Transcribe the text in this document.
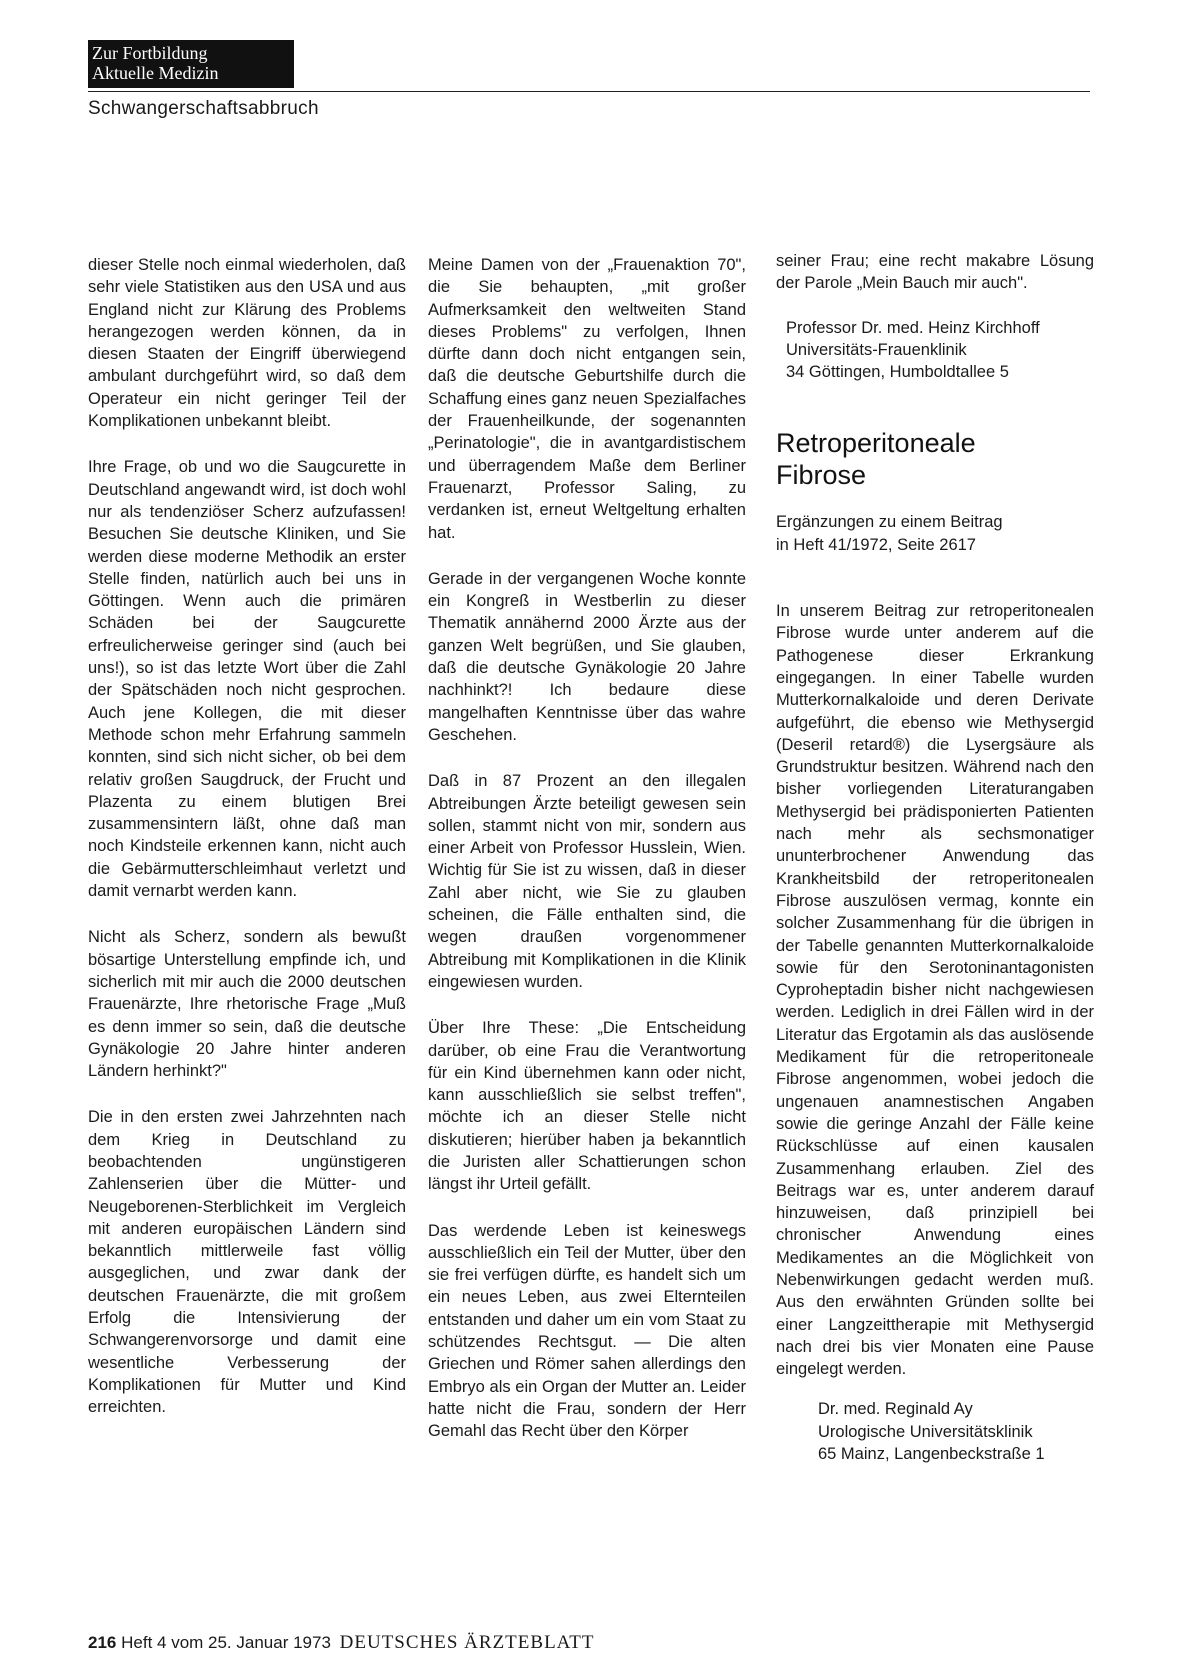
Zur Fortbildung
Aktuelle Medizin
Schwangerschaftsabbruch

dieser Stelle noch einmal wiederholen, daß sehr viele Statistiken aus den USA und aus England nicht zur Klärung des Problems herangezogen werden können, da in diesen Staaten der Eingriff überwiegend ambulant durchgeführt wird, so daß dem Operateur ein nicht geringer Teil der Komplikationen unbekannt bleibt.

Ihre Frage, ob und wo die Saugcurette in Deutschland angewandt wird, ist doch wohl nur als tendenziöser Scherz aufzufassen! Besuchen Sie deutsche Kliniken, und Sie werden diese moderne Methodik an erster Stelle finden, natürlich auch bei uns in Göttingen. Wenn auch die primären Schäden bei der Saugcurette erfreulicherweise geringer sind (auch bei uns!), so ist das letzte Wort über die Zahl der Spätschäden noch nicht gesprochen. Auch jene Kollegen, die mit dieser Methode schon mehr Erfahrung sammeln konnten, sind sich nicht sicher, ob bei dem relativ großen Saugdruck, der Frucht und Plazenta zu einem blutigen Brei zusammensintern läßt, ohne daß man noch Kindsteile erkennen kann, nicht auch die Gebärmutterschleimhaut verletzt und damit vernarbt werden kann.

Nicht als Scherz, sondern als bewußt bösartige Unterstellung empfinde ich, und sicherlich mit mir auch die 2000 deutschen Frauenärzte, Ihre rhetorische Frage „Muß es denn immer so sein, daß die deutsche Gynäkologie 20 Jahre hinter anderen Ländern herhinkt?"

Die in den ersten zwei Jahrzehnten nach dem Krieg in Deutschland zu beobachtenden ungünstigeren Zahlenserien über die Mütter- und Neugeborenen-Sterblichkeit im Vergleich mit anderen europäischen Ländern sind bekanntlich mittlerweile fast völlig ausgeglichen, und zwar dank der deutschen Frauenärzte, die mit großem Erfolg die Intensivierung der Schwangerenvorsorge und damit eine wesentliche Verbesserung der Komplikationen für Mutter und Kind erreichten.

Meine Damen von der „Frauenaktion 70", die Sie behaupten, „mit großer Aufmerksamkeit den weltweiten Stand dieses Problems" zu verfolgen, Ihnen dürfte dann doch nicht entgangen sein, daß die deutsche Geburtshilfe durch die Schaffung eines ganz neuen Spezialfaches der Frauenheilkunde, der sogenannten „Perinatologie", die in avantgardistischem und überragendem Maße dem Berliner Frauenarzt, Professor Saling, zu verdanken ist, erneut Weltgeltung erhalten hat.

Gerade in der vergangenen Woche konnte ein Kongreß in Westberlin zu dieser Thematik annähernd 2000 Ärzte aus der ganzen Welt begrüßen, und Sie glauben, daß die deutsche Gynäkologie 20 Jahre nachhinkt?! Ich bedaure diese mangelhaften Kenntnisse über das wahre Geschehen.

Daß in 87 Prozent an den illegalen Abtreibungen Ärzte beteiligt gewesen sein sollen, stammt nicht von mir, sondern aus einer Arbeit von Professor Husslein, Wien. Wichtig für Sie ist zu wissen, daß in dieser Zahl aber nicht, wie Sie zu glauben scheinen, die Fälle enthalten sind, die wegen draußen vorgenommener Abtreibung mit Komplikationen in die Klinik eingewiesen wurden.

Über Ihre These: „Die Entscheidung darüber, ob eine Frau die Verantwortung für ein Kind übernehmen kann oder nicht, kann ausschließlich sie selbst treffen", möchte ich an dieser Stelle nicht diskutieren; hierüber haben ja bekanntlich die Juristen aller Schattierungen schon längst ihr Urteil gefällt.

Das werdende Leben ist keineswegs ausschließlich ein Teil der Mutter, über den sie frei verfügen dürfte, es handelt sich um ein neues Leben, aus zwei Elternteilen entstanden und daher um ein vom Staat zu schützendes Rechtsgut. — Die alten Griechen und Römer sahen allerdings den Embryo als ein Organ der Mutter an. Leider hatte nicht die Frau, sondern der Herr Gemahl das Recht über den Körper

seiner Frau; eine recht makabre Lösung der Parole „Mein Bauch mir auch".

Professor Dr. med. Heinz Kirchhoff
Universitäts-Frauenklinik
34 Göttingen, Humboldtallee 5
Retroperitoneale
Fibrose
Ergänzungen zu einem Beitrag
in Heft 41/1972, Seite 2617

In unserem Beitrag zur retroperitonealen Fibrose wurde unter anderem auf die Pathogenese dieser Erkrankung eingegangen. In einer Tabelle wurden Mutterkornalkaloide und deren Derivate aufgeführt, die ebenso wie Methysergid (Deseril retard®) die Lysergsäure als Grundstruktur besitzen. Während nach den bisher vorliegenden Literaturangaben Methysergid bei prädisponierten Patienten nach mehr als sechsmonatiger ununterbrochener Anwendung das Krankheitsbild der retroperitonealen Fibrose auszulösen vermag, konnte ein solcher Zusammenhang für die übrigen in der Tabelle genannten Mutterkornalkaloide sowie für den Serotoninantagonisten Cyproheptadin bisher nicht nachgewiesen werden. Lediglich in drei Fällen wird in der Literatur das Ergotamin als das auslösende Medikament für die retroperitoneale Fibrose angenommen, wobei jedoch die ungenauen anamnestischen Angaben sowie die geringe Anzahl der Fälle keine Rückschlüsse auf einen kausalen Zusammenhang erlauben. Ziel des Beitrags war es, unter anderem darauf hinzuweisen, daß prinzipiell bei chronischer Anwendung eines Medikamentes an die Möglichkeit von Nebenwirkungen gedacht werden muß. Aus den erwähnten Gründen sollte bei einer Langzeittherapie mit Methysergid nach drei bis vier Monaten eine Pause eingelegt werden.

Dr. med. Reginald Ay
Urologische Universitätsklinik
65 Mainz, Langenbeckstraße 1
216 Heft 4 vom 25. Januar 1973 DEUTSCHES ÄRZTEBLATT
